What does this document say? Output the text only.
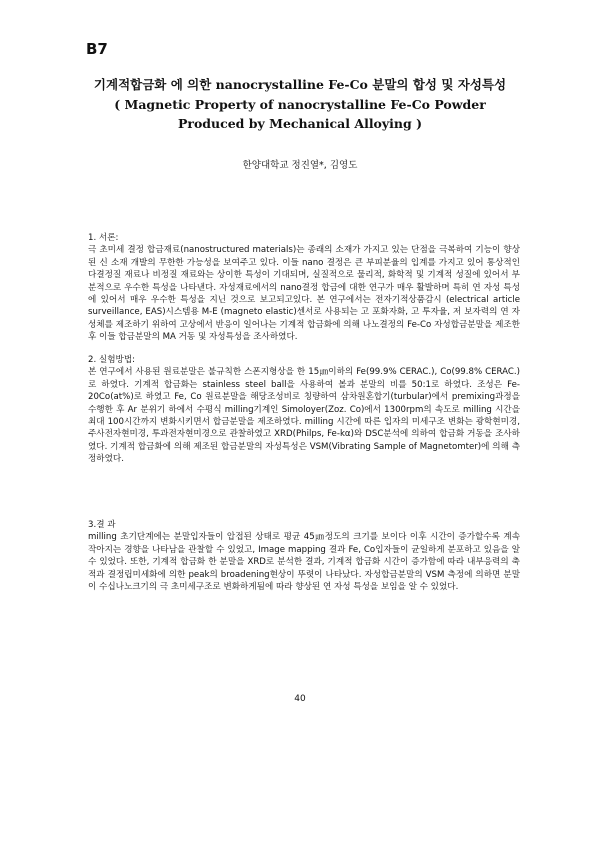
B7
기계적합금화 에 의한 nanocrystalline Fe-Co 분말의 합성 및 자성특성
( Magnetic Property of nanocrystalline Fe-Co Powder
Produced by Mechanical Alloying )
한양대학교 정진열*, 김영도
1. 서론:
극 초미세 결정 합금재료(nanostructured materials)는 종래의 소재가 가지고 있는 단점을 극복하여 기능이 향상된 신 소재 개발의 무한한 가능성을 보여주고 있다. 이들 nano 결정은 큰 부피분율의 입계를 가지고 있어 통상적인 다결정질 재료나 비정질 재료와는 상이한 특성이 기대되며, 실질적으로 물리적, 화학적 및 기계적 성질에 있어서 부분적으로 우수한 특성을 나타낸다. 자성재료에서의 nano결정 합금에 대한 연구가 매우 활발하며 특히 연 자성 특성에 있어서 매우 우수한 특성을 지닌 것으로 보고되고있다. 본 연구에서는 전자기적상품감시 (electrical article surveillance, EAS)시스템용 M-E (magneto elastic)센서로 사용되는 고 포화자화, 고 투자율, 저 보자력의 연 자성체를 제조하기 위하여 고상에서 반응이 일어나는 기계적 합금화에 의해 나노결정의 Fe-Co 자성합금분말을 제조한 후 이들 합금분말의 MA 거동 및 자성특성을 조사하였다.
2. 실험방법:
본 연구에서 사용된 원료분말은 불규칙한 스폰지형상을 한 15㎛이하의 Fe(99.9% CERAC.), Co(99.8% CERAC.)로 하였다. 기계적 합금화는 stainless steel ball을 사용하여 볼과 분말의 비를 50:1로 하였다. 조성은 Fe-20Co(at%)로 하였고 Fe, Co 원료분말을 해당조성비로 칭량하여 삼차원혼합기(turbular)에서 premixing과정을 수행한 후 Ar 분위기 하에서 수평식 milling기계인 Simoloyer(Zoz. Co)에서 1300rpm의 속도로 milling 시간을 최대 100시간까지 변화시키면서 합금분말을 제조하였다. milling 시간에 따른 입자의 미세구조 변화는 광학현미경, 주사전자현미경, 투과전자현미경으로 관찰하였고 XRD(Philps, Fe-kα)와 DSC분석에 의하여 합금화 거동을 조사하였다. 기계적 합금화에 의해 제조된 합금분말의 자성특성은 VSM(Vibrating Sample of Magnetomter)에 의해 측정하였다.
3.결 과
milling 초기단계에는 분말입자들이 압접된 상태로 평균 45㎛정도의 크기를 보이다 이후 시간이 증가할수록 계속 작아지는 경향을 나타남을 관찰할 수 있었고, Image mapping 결과 Fe, Co입자들이 균일하게 분포하고 있음을 알 수 있었다. 또한, 기계적 합금화 한 분말을 XRD로 분석한 결과, 기계적 합금화 시간이 증가함에 따라 내부응력의 축적과 결정립미세화에 의한 peak의 broadening현상이 뚜렷이 나타났다. 자성합금분말의 VSM 측정에 의하면 분말이 수십나노크기의 극 초미세구조로 변화하게됨에 따라 향상된 연 자성 특성을 보임을 알 수 있었다.
40
